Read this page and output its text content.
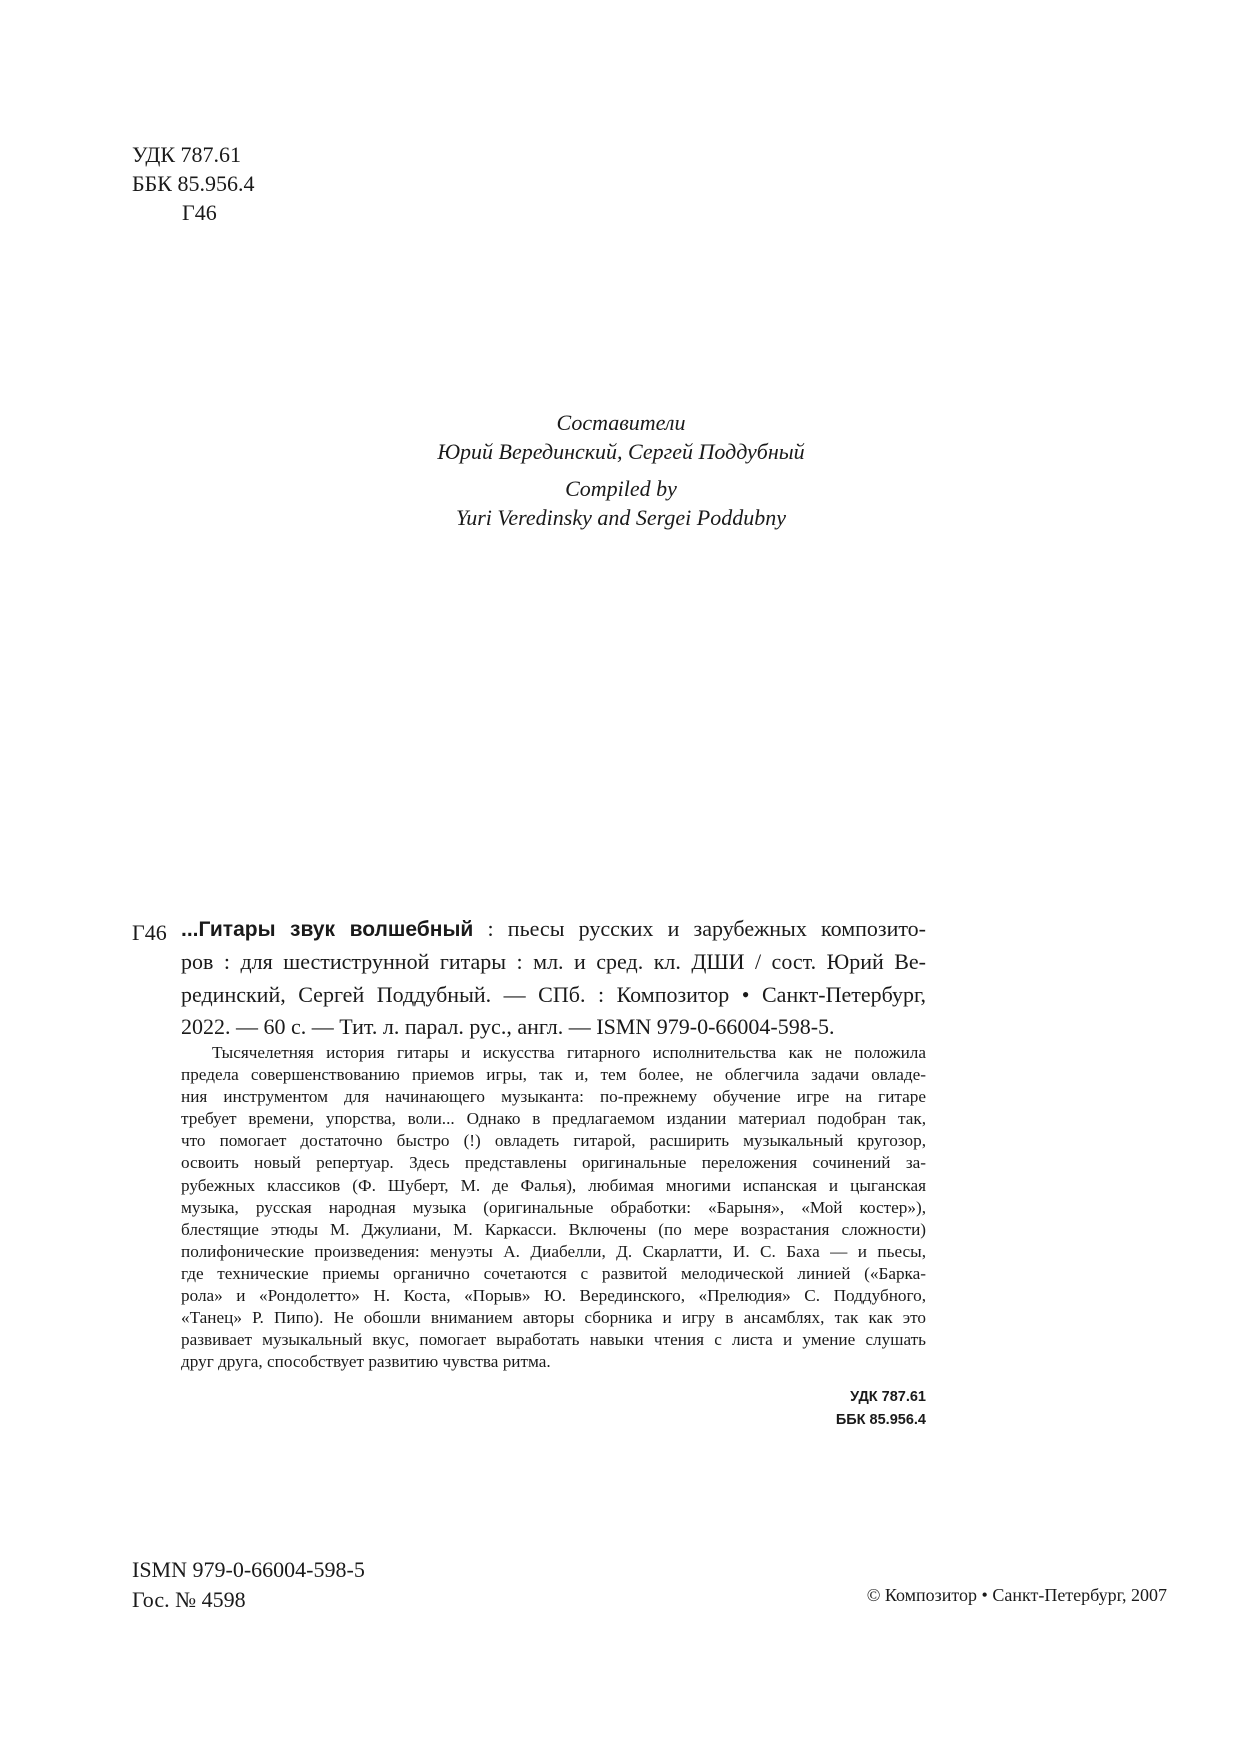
УДК 787.61
ББК 85.956.4
Г46
Составители
Юрий Верединский, Сергей Поддубный
Compiled by
Yuri Veredinsky and Sergei Poddubny
Г46 ...Гитары звук волшебный : пьесы русских и зарубежных композито-
ров : для шестиструнной гитары : мл. и сред. кл. ДШИ / сост. Юрий Ве-
рединский, Сергей Поддубный. — СПб. : Композитор • Санкт-Петербург,
2022. — 60 с. — Тит. л. парал. рус., англ. — ISMN 979-0-66004-598-5.
Тысячелетняя история гитары и искусства гитарного исполнительства как не положила
предела совершенствованию приемов игры, так и, тем более, не облегчила задачи овладе-
ния инструментом для начинающего музыканта: по-прежнему обучение игре на гитаре
требует времени, упорства, воли... Однако в предлагаемом издании материал подобран так,
что помогает достаточно быстро (!) овладеть гитарой, расширить музыкальный кругозор,
освоить новый репертуар. Здесь представлены оригинальные переложения сочинений за-
рубежных классиков (Ф. Шуберт, М. де Фалья), любимая многими испанская и цыганская
музыка, русская народная музыка (оригинальные обработки: «Барыня», «Мой костер»),
блестящие этюды М. Джулиани, М. Каркасси. Включены (по мере возрастания сложности)
полифонические произведения: менуэты А. Диабелли, Д. Скарлатти, И. С. Баха — и пьесы,
где технические приемы органично сочетаются с развитой мелодической линией («Барка-
рола» и «Рондолетто» Н. Коста, «Порыв» Ю. Верединского, «Прелюдия» С. Поддубного,
«Танец» Р. Пипо). Не обошли вниманием авторы сборника и игру в ансамблях, так как это
развивает музыкальный вкус, помогает выработать навыки чтения с листа и умение слушать
друг друга, способствует развитию чувства ритма.
УДК 787.61
ББК 85.956.4
ISMN 979-0-66004-598-5
Гос. № 4598	© Композитор • Санкт-Петербург, 2007
